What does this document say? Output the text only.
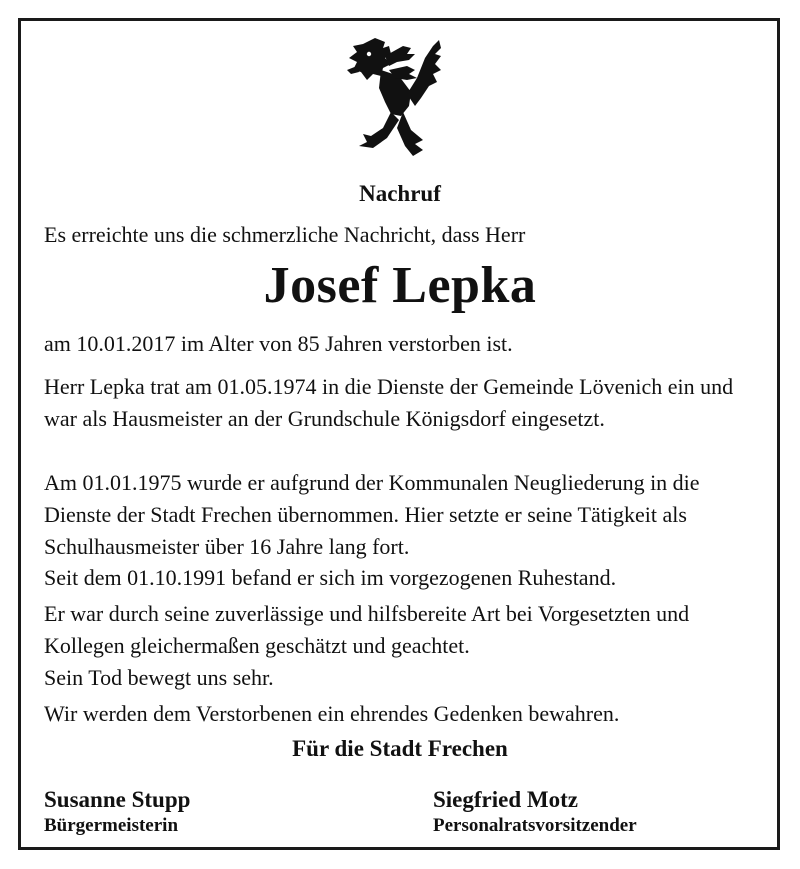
Nachruf

Es erreichte uns die schmerzliche Nachricht, dass Herr

Josef Lepka

am 10.01.2017 im Alter von 85 Jahren verstorben ist.

Herr Lepka trat am 01.05.1974 in die Dienste der Gemeinde Lövenich ein und war als Hausmeister an der Grundschule Königsdorf eingesetzt.

Am 01.01.1975 wurde er aufgrund der Kommunalen Neugliederung in die Dienste der Stadt Frechen übernommen. Hier setzte er seine Tätigkeit als Schulhausmeister über 16 Jahre lang fort.

Seit dem 01.10.1991 befand er sich im vorgezogenen Ruhestand.

Er war durch seine zuverlässige und hilfsbereite Art bei Vorgesetzten und Kollegen gleichermaßen geschätzt und geachtet.

Sein Tod bewegt uns sehr.

Wir werden dem Verstorbenen ein ehrendes Gedenken bewahren.

Für die Stadt Frechen
Susanne Stupp
Bürgermeisterin
Siegfried Motz
Personalratsvorsitzender
